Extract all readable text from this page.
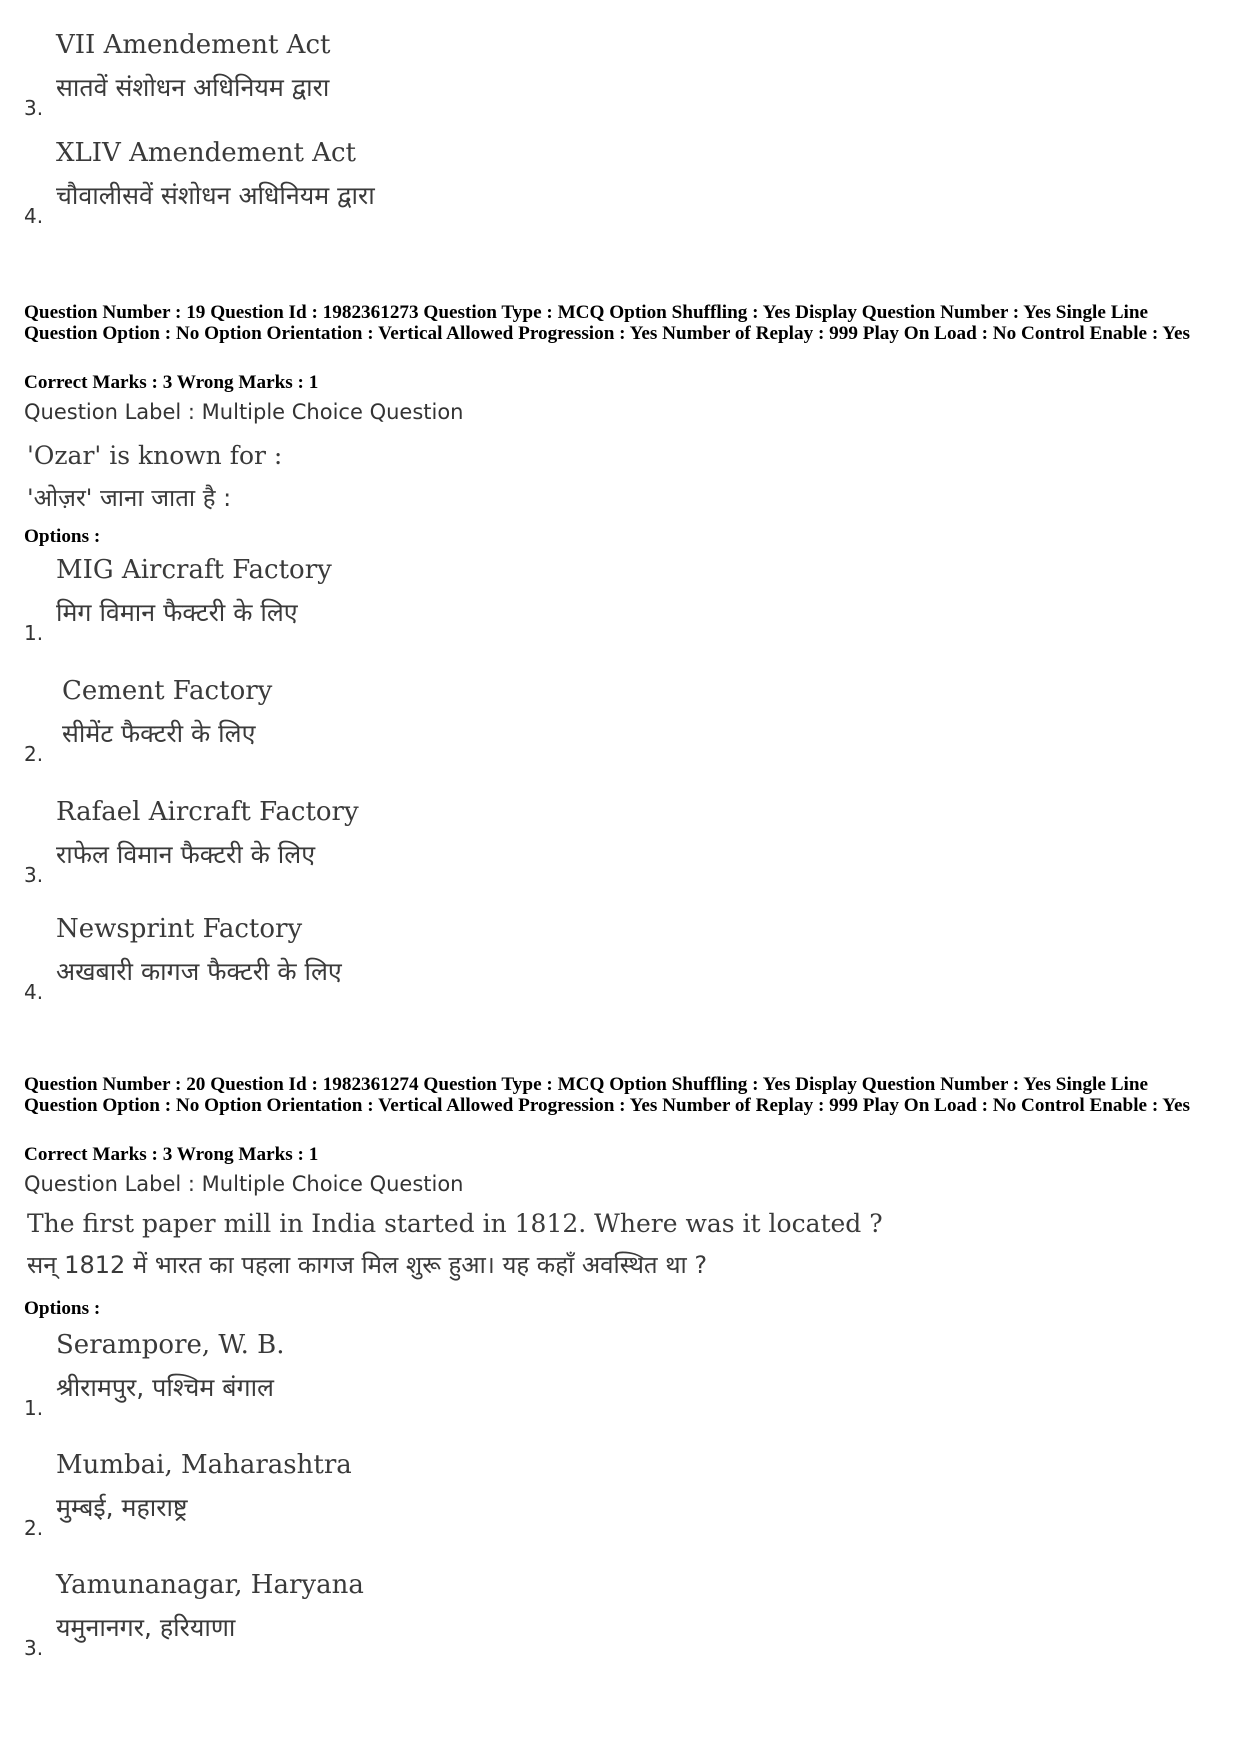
VII Amendement Act
सातवें संशोधन अधिनियम द्वारा
3.
XLIV Amendement Act
चौवालीसवें संशोधन अधिनियम द्वारा
4.
Question Number : 19 Question Id : 1982361273 Question Type : MCQ Option Shuffling : Yes Display Question Number : Yes Single Line Question Option : No Option Orientation : Vertical Allowed Progression : Yes Number of Replay : 999 Play On Load : No Control Enable : Yes
Correct Marks : 3 Wrong Marks : 1
Question Label : Multiple Choice Question
'Ozar' is known for :
'ओज़र' जाना जाता है :
Options :
MIG Aircraft Factory
मिग विमान फैक्टरी के लिए
1.
Cement Factory
सीमेंट फैक्टरी के लिए
2.
Rafael Aircraft Factory
राफेल विमान फैक्टरी के लिए
3.
Newsprint Factory
अखबारी कागज फैक्टरी के लिए
4.
Question Number : 20 Question Id : 1982361274 Question Type : MCQ Option Shuffling : Yes Display Question Number : Yes Single Line Question Option : No Option Orientation : Vertical Allowed Progression : Yes Number of Replay : 999 Play On Load : No Control Enable : Yes
Correct Marks : 3 Wrong Marks : 1
Question Label : Multiple Choice Question
The first paper mill in India started in 1812. Where was it located ?
सन् 1812 में भारत का पहला कागज मिल शुरू हुआ। यह कहाँ अवस्थित था ?
Options :
Serampore, W. B.
श्रीरामपुर, पश्चिम बंगाल
1.
Mumbai, Maharashtra
मुम्बई, महाराष्ट्र
2.
Yamunanagar, Haryana
यमुनानगर, हरियाणा
3.
